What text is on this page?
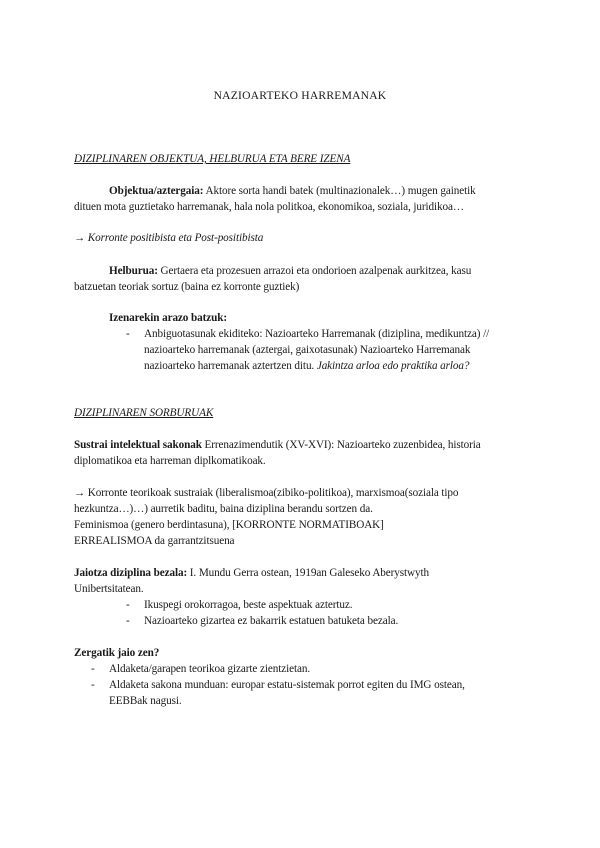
NAZIOARTEKO HARREMANAK
DIZIPLINAREN OBJEKTUA, HELBURUA ETA BERE IZENA
Objektua/aztergaia: Aktore sorta handi batek (multinazionalek…) mugen gainetik
dituen mota guztietako harremanak, hala nola politkoa, ekonomikoa, soziala, juridikoa…
→ Korronte positibista eta Post-positibista
Helburua: Gertaera eta prozesuen arrazoi eta ondorioen azalpenak aurkitzea, kasu
batzuetan teoriak sortuz (baina ez korronte guztiek)
Izenarekin arazo batzuk:
- Anbiguotasunak ekiditeko: Nazioarteko Harremanak (diziplina, medikuntza) //
nazioarteko harremanak (aztergai, gaixotasunak) Nazioarteko Harremanak
nazioarteko harremanak aztertzen ditu. Jakintza arloa edo praktika arloa?
DIZIPLINAREN SORBURUAK
Sustrai intelektual sakonak Errenazimendutik (XV-XVI): Nazioarteko zuzenbidea, historia
diplomatikoa eta harreman diplkomatikoak.
→ Korronte teorikoak sustraiak (liberalismoa(zibiko-politikoa), marxismoa(soziala tipo
hezkuntza…)…) aurretik baditu, baina diziplina berandu sortzen da.
Feminismoa (genero berdintasuna), [KORRONTE NORMATIBOAK]
ERREALISMOA da garrantzitsuena
Jaiotza diziplina bezala: I. Mundu Gerra ostean, 1919an Galeseko Aberystwyth
Unibertsitatean.
- Ikuspegi orokorragoa, beste aspektuak aztertuz.
- Nazioarteko gizartea ez bakarrik estatuen batuketa bezala.
Zergatik jaio zen?
- Aldaketa/garapen teorikoa gizarte zientzietan.
- Aldaketa sakona munduan: europar estatu-sistemak porrot egiten du IMG ostean,
EEBBak nagusi.
